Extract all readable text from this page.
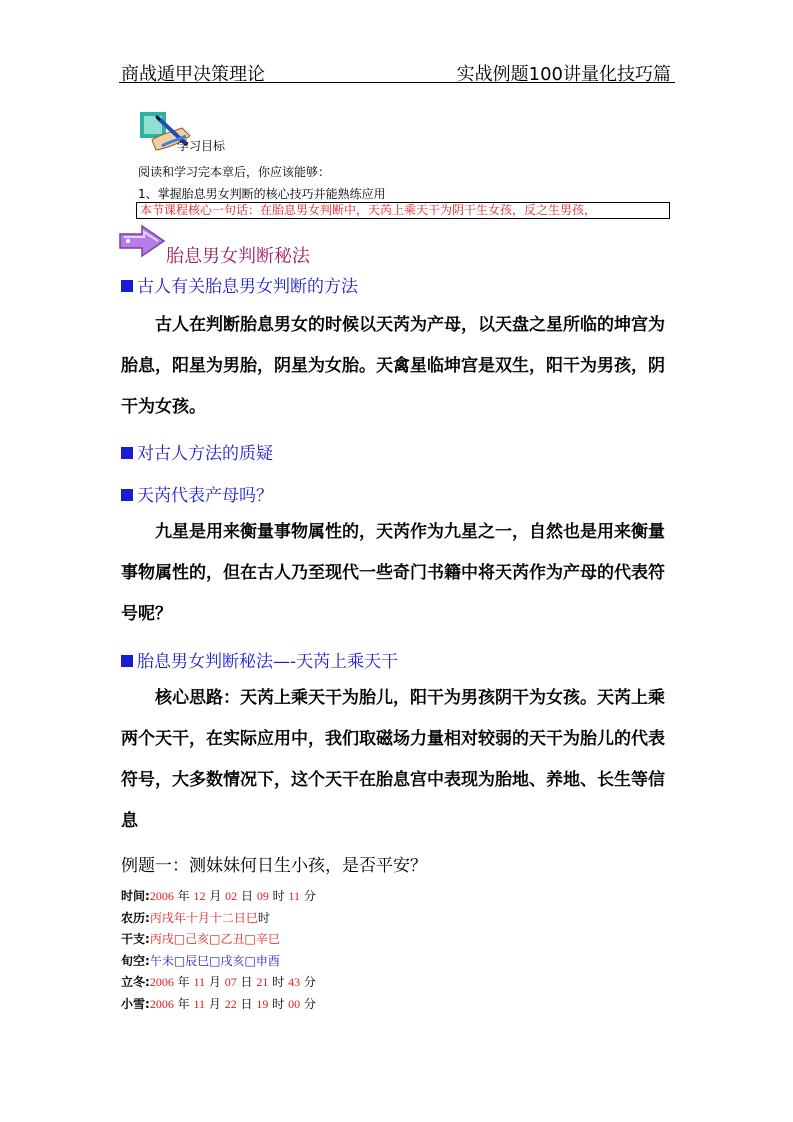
商战遁甲决策理论	实战例题100讲量化技巧篇
学习目标
阅读和学习完本章后，你应该能够：
1、掌握胎息男女判断的核心技巧并能熟练应用
本节课程核心一句话：在胎息男女判断中，天芮上乘天干为阴干生女孩，反之生男孩，
胎息男女判断秘法
古人有关胎息男女判断的方法
　　古人在判断胎息男女的时候以天芮为产母，以天盘之星所临的坤宫为胎息，阳星为男胎，阴星为女胎。天禽星临坤宫是双生，阳干为男孩，阴干为女孩。
对古人方法的质疑
天芮代表产母吗？
　　九星是用来衡量事物属性的，天芮作为九星之一，自然也是用来衡量事物属性的，但在古人乃至现代一些奇门书籍中将天芮作为产母的代表符号呢？
胎息男女判断秘法—-天芮上乘天干
　　核心思路：天芮上乘天干为胎儿，阳干为男孩阴干为女孩。天芮上乘两个天干，在实际应用中，我们取磁场力量相对较弱的天干为胎儿的代表符号，大多数情况下，这个天干在胎息宫中表现为胎地、养地、长生等信息
例题一：测妹妹何日生小孩，是否平安？
时间:2006 年 12 月 02 日 09 时 11 分
农历:丙戌年十月十二日巳时
干支:丙戌□己亥□乙丑□辛巳
旬空:午未□辰巳□戌亥□申酉
立冬:2006 年 11 月 07 日 21 时 43 分
小雪:2006 年 11 月 22 日 19 时 00 分
